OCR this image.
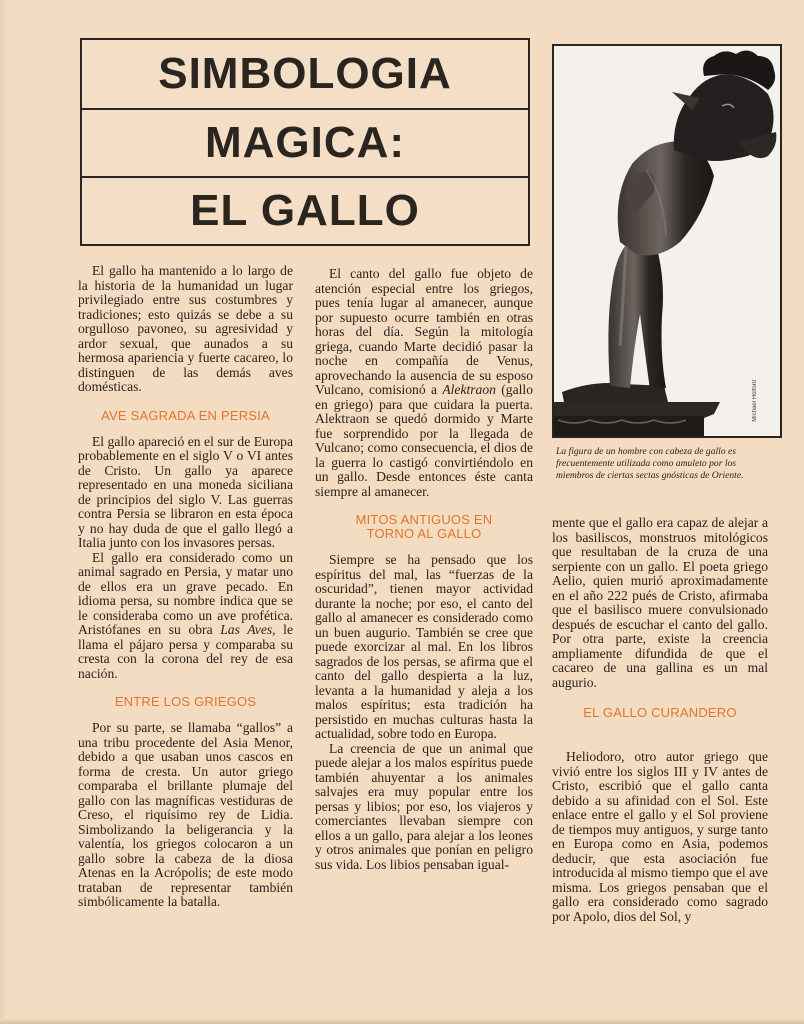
SIMBOLOGIA
MAGICA:
EL GALLO
Michael Holford
La figura de un hombre con cabeza de gallo es frecuentemente utilizada como amuleto por los miembros de ciertas sectas gnósticas de Oriente.

El gallo ha mantenido a lo largo de la historia de la humanidad un lugar privilegiado entre sus costumbres y tradiciones; esto quizás se debe a su orgulloso pavoneo, su agresividad y ardor sexual, que aunados a su hermosa apariencia y fuerte cacareo, lo distinguen de las demás aves domésticas.

AVE SAGRADA EN PERSIA

El gallo apareció en el sur de Europa probablemente en el siglo V o VI antes de Cristo. Un gallo ya aparece representado en una moneda siciliana de principios del siglo V. Las guerras contra Persia se libraron en esta época y no hay duda de que el gallo llegó a Italia junto con los invasores persas.

El gallo era considerado como un animal sagrado en Persia, y matar uno de ellos era un grave pecado. En idioma persa, su nombre indica que se le consideraba como un ave profética. Aristófanes en su obra Las Aves, le llama el pájaro persa y comparaba su cresta con la corona del rey de esa nación.

ENTRE LOS GRIEGOS

Por su parte, se llamaba “gallos” a una tribu procedente del Asia Menor, debido a que usaban unos cascos en forma de cresta. Un autor griego comparaba el brillante plumaje del gallo con las magníficas vestiduras de Creso, el riquísimo rey de Lidia. Simbolizando la beligerancia y la valentía, los griegos colocaron a un gallo sobre la cabeza de la diosa Atenas en la Acrópolis; de este modo trataban de representar también simbólicamente la batalla.

El canto del gallo fue objeto de atención especial entre los griegos, pues tenía lugar al amanecer, aunque por supuesto ocurre también en otras horas del día. Según la mitología griega, cuando Marte decidió pasar la noche en compañía de Venus, aprovechando la ausencia de su esposo Vulcano, comisionó a Alektraon (gallo en griego) para que cuidara la puerta. Alektraon se quedó dormido y Marte fue sorprendido por la llegada de Vulcano; como consecuencia, el dios de la guerra lo castigó convirtiéndolo en un gallo. Desde entonces éste canta siempre al amanecer.

MITOS ANTIGUOS EN TORNO AL GALLO

Siempre se ha pensado que los espíritus del mal, las “fuerzas de la oscuridad”, tienen mayor actividad durante la noche; por eso, el canto del gallo al amanecer es considerado como un buen augurio. También se cree que puede exorcizar al mal. En los libros sagrados de los persas, se afirma que el canto del gallo despierta a la luz, levanta a la humanidad y aleja a los malos espíritus; esta tradición ha persistido en muchas culturas hasta la actualidad, sobre todo en Europa.

La creencia de que un animal que puede alejar a los malos espíritus puede también ahuyentar a los animales salvajes era muy popular entre los persas y libios; por eso, los viajeros y comerciantes llevaban siempre con ellos a un gallo, para alejar a los leones y otros animales que ponían en peligro sus vida. Los libios pensaban igual-

mente que el gallo era capaz de alejar a los basiliscos, monstruos mitológicos que resultaban de la cruza de una serpiente con un gallo. El poeta griego Aelio, quien murió aproximadamente en el año 222 pués de Cristo, afirmaba que el basilisco muere convulsionado después de escuchar el canto del gallo. Por otra parte, existe la creencia ampliamente difundida de que el cacareo de una gallina es un mal augurio.

EL GALLO CURANDERO

Heliodoro, otro autor griego que vivió entre los siglos III y IV antes de Cristo, escribió que el gallo canta debido a su afinidad con el Sol. Este enlace entre el gallo y el Sol proviene de tiempos muy antiguos, y surge tanto en Europa como en Asia, podemos deducir, que esta asociación fue introducida al mismo tiempo que el ave misma. Los griegos pensaban que el gallo era considerado como sagrado por Apolo, dios del Sol, y
